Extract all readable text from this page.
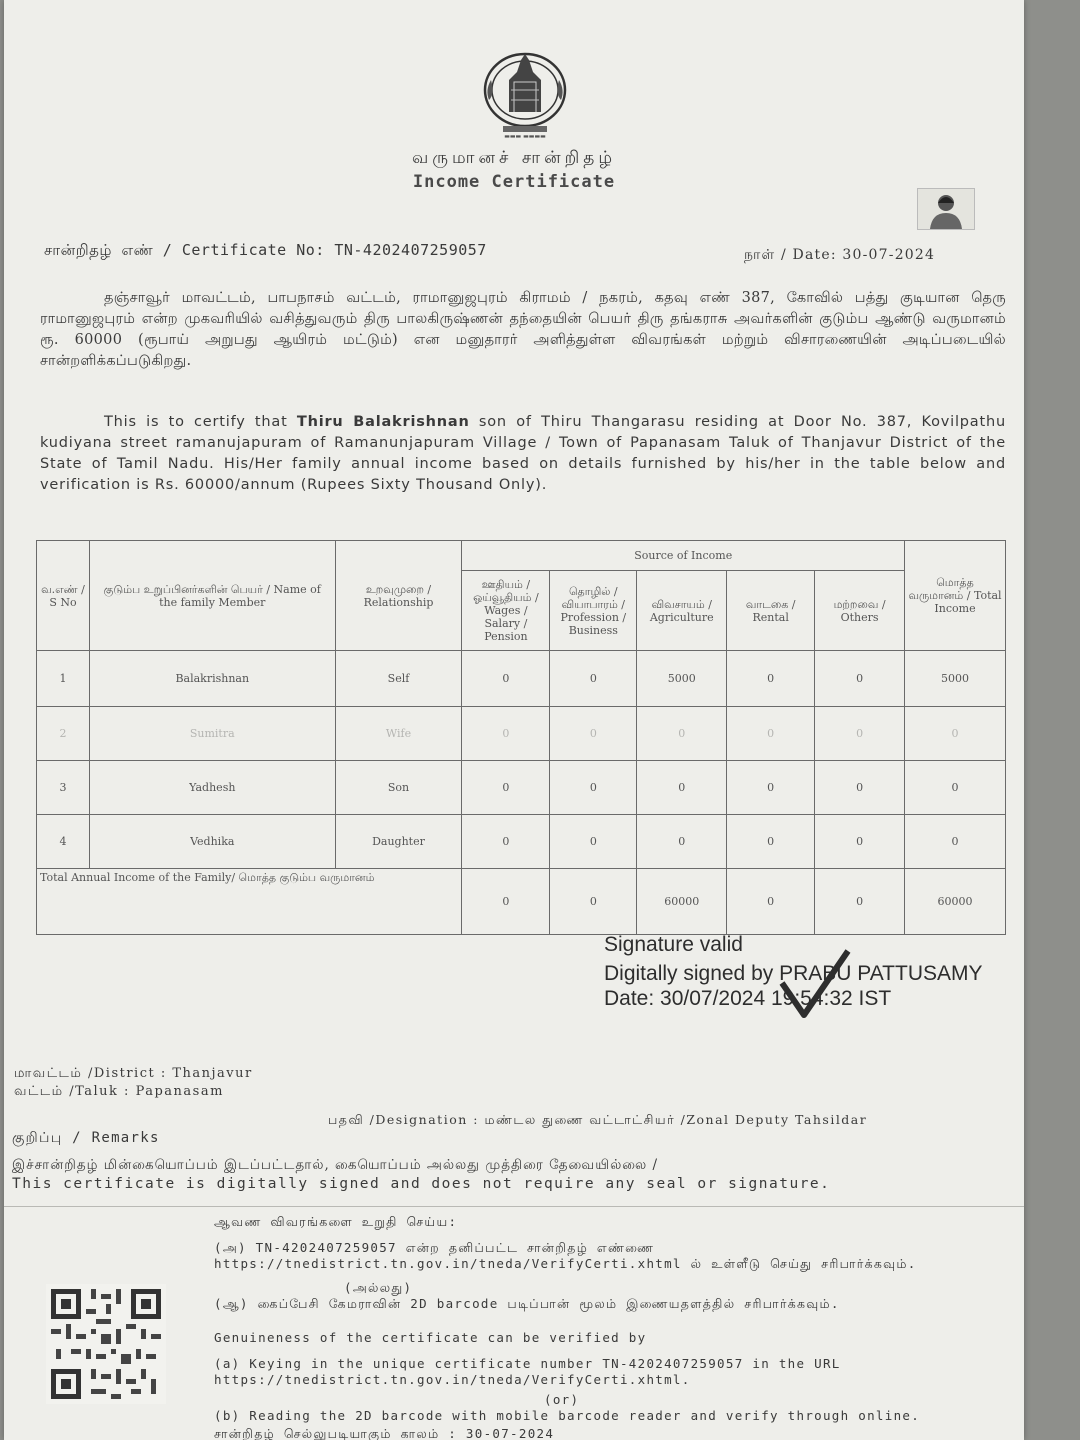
▬▬▬ ▬▬▬▬
வருமானச் சான்றிதழ்
Income Certificate
சான்றிதழ் எண் / Certificate No: TN-4202407259057	நாள் / Date: 30-07-2024
தஞ்சாவூர் மாவட்டம், பாபநாசம் வட்டம், ராமானுஜபுரம் கிராமம் / நகரம், கதவு எண் 387, கோவில் பத்து குடியான தெரு ராமானுஜபுரம் என்ற முகவரியில் வசித்துவரும் திரு பாலகிருஷ்ணன் தந்தையின் பெயர் திரு தங்கராசு அவர்களின் குடும்ப ஆண்டு வருமானம் ரூ. 60000 (ரூபாய் அறுபது ஆயிரம் மட்டும்) என மனுதாரர் அளித்துள்ள விவரங்கள் மற்றும் விசாரணையின் அடிப்படையில் சான்றளிக்கப்படுகிறது.
This is to certify that Thiru Balakrishnan son of Thiru Thangarasu residing at Door No. 387, Kovilpathu kudiyana street ramanujapuram of Ramanunjapuram Village / Town of Papanasam Taluk of Thanjavur District of the State of Tamil Nadu. His/Her family annual income based on details furnished by his/her in the table below and verification is Rs. 60000/annum (Rupees Sixty Thousand Only).
வ.எண் / S No	குடும்ப உறுப்பினர்களின் பெயர் / Name of the family Member	உறவுமுறை / Relationship	Source of Income					மொத்த வருமானம் / Total Income
			ஊதியம் / ஓய்வூதியம் / Wages / Salary / Pension	தொழில் / வியாபாரம் / Profession / Business	விவசாயம் / Agriculture	வாடகை / Rental	மற்றவை / Others	
1	Balakrishnan	Self	0	0	5000	0	0	5000
2	Sumitra	Wife	0	0	0	0	0	0
3	Yadhesh	Son	0	0	0	0	0	0
4	Vedhika	Daughter	0	0	0	0	0	0
Total Annual Income of the Family/ மொத்த குடும்ப வருமானம்			0	0	60000	0	0	60000
Signature valid
Digitally signed by PRABU PATTUSAMY
Date: 30/07/2024 19:54:32 IST
மாவட்டம் /District : Thanjavur
வட்டம் /Taluk : Papanasam
பதவி /Designation : மண்டல துணை வட்டாட்சியர் /Zonal Deputy Tahsildar
குறிப்பு / Remarks
இச்சான்றிதழ் மின்கையொப்பம் இடப்பட்டதால், கையொப்பம் அல்லது முத்திரை தேவையில்லை /
This certificate is digitally signed and does not require any seal or signature.
ஆவண விவரங்களை உறுதி செய்ய:
(அ) TN-4202407259057 என்ற தனிப்பட்ட சான்றிதழ் எண்ணை https://tnedistrict.tn.gov.in/tneda/VerifyCerti.xhtml ல் உள்ளீடு செய்து சரிபார்க்கவும்.
(அல்லது)
(ஆ) கைப்பேசி கேமராவின் 2D barcode படிப்பான் மூலம் இணையதளத்தில் சரிபார்க்கவும்.
Genuineness of the certificate can be verified by
(a) Keying in the unique certificate number TN-4202407259057 in the URL https://tnedistrict.tn.gov.in/tneda/VerifyCerti.xhtml.
(or)
(b) Reading the 2D barcode with mobile barcode reader and verify through online.
சான்றிதழ் செல்லுபடியாகும் காலம் : 30-07-2024
